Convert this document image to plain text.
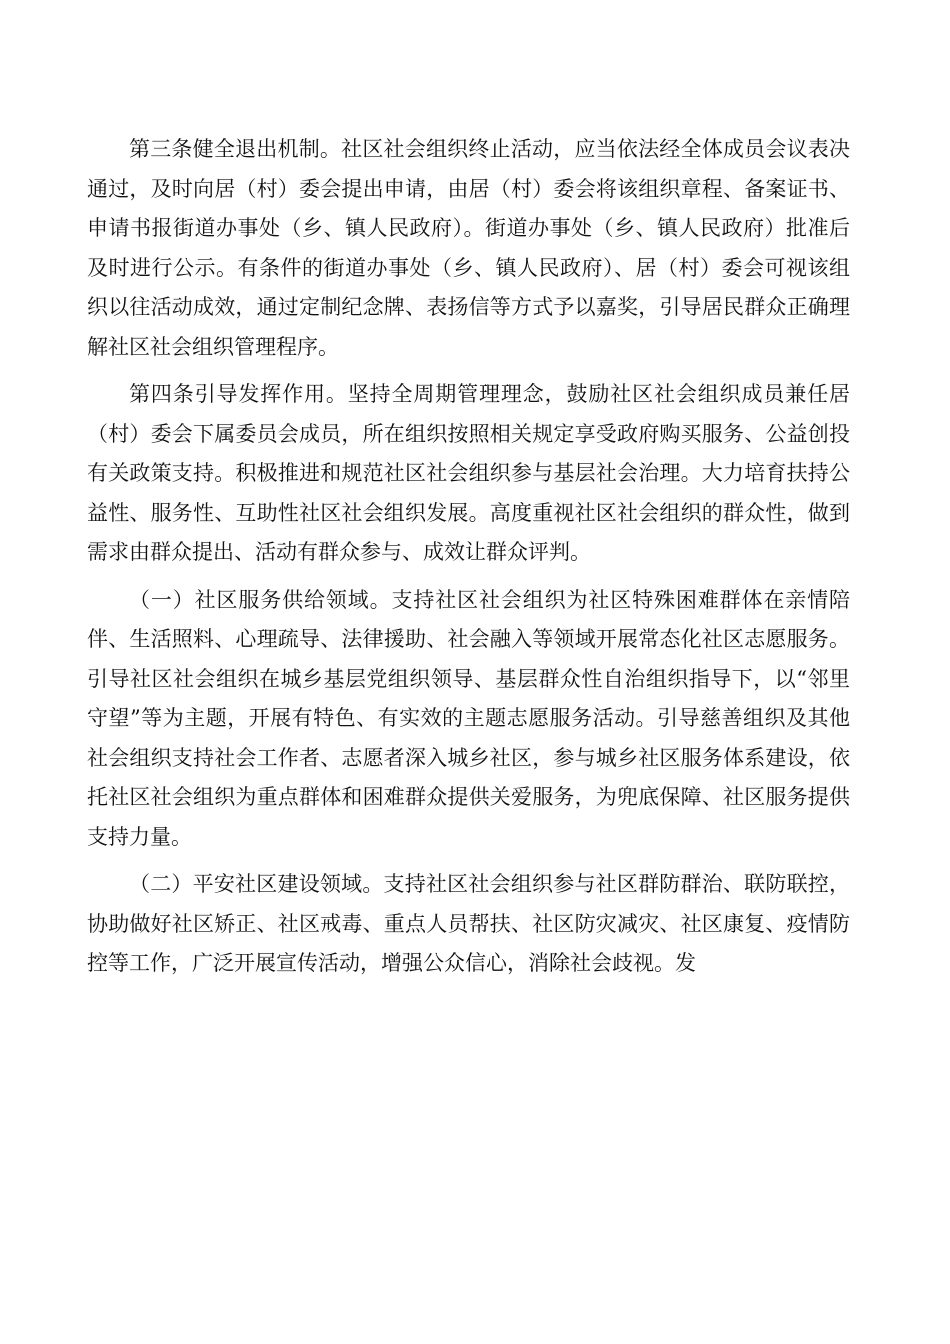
第三条健全退出机制。社区社会组织终止活动，应当依法经全体成员会议表决通过，及时向居（村）委会提出申请，由居（村）委会将该组织章程、备案证书、申请书报街道办事处（乡、镇人民政府）。街道办事处（乡、镇人民政府）批准后及时进行公示。有条件的街道办事处（乡、镇人民政府）、居（村）委会可视该组织以往活动成效，通过定制纪念牌、表扬信等方式予以嘉奖，引导居民群众正确理解社区社会组织管理程序。

第四条引导发挥作用。坚持全周期管理理念，鼓励社区社会组织成员兼任居（村）委会下属委员会成员，所在组织按照相关规定享受政府购买服务、公益创投有关政策支持。积极推进和规范社区社会组织参与基层社会治理。大力培育扶持公益性、服务性、互助性社区社会组织发展。高度重视社区社会组织的群众性，做到需求由群众提出、活动有群众参与、成效让群众评判。

（一）社区服务供给领域。支持社区社会组织为社区特殊困难群体在亲情陪伴、生活照料、心理疏导、法律援助、社会融入等领域开展常态化社区志愿服务。引导社区社会组织在城乡基层党组织领导、基层群众性自治组织指导下，以“邻里守望”等为主题，开展有特色、有实效的主题志愿服务活动。引导慈善组织及其他社会组织支持社会工作者、志愿者深入城乡社区，参与城乡社区服务体系建设，依托社区社会组织为重点群体和困难群众提供关爱服务，为兜底保障、社区服务提供支持力量。

（二）平安社区建设领域。支持社区社会组织参与社区群防群治、联防联控，协助做好社区矫正、社区戒毒、重点人员帮扶、社区防灾减灾、社区康复、疫情防控等工作，广泛开展宣传活动，增强公众信心，消除社会歧视。发
